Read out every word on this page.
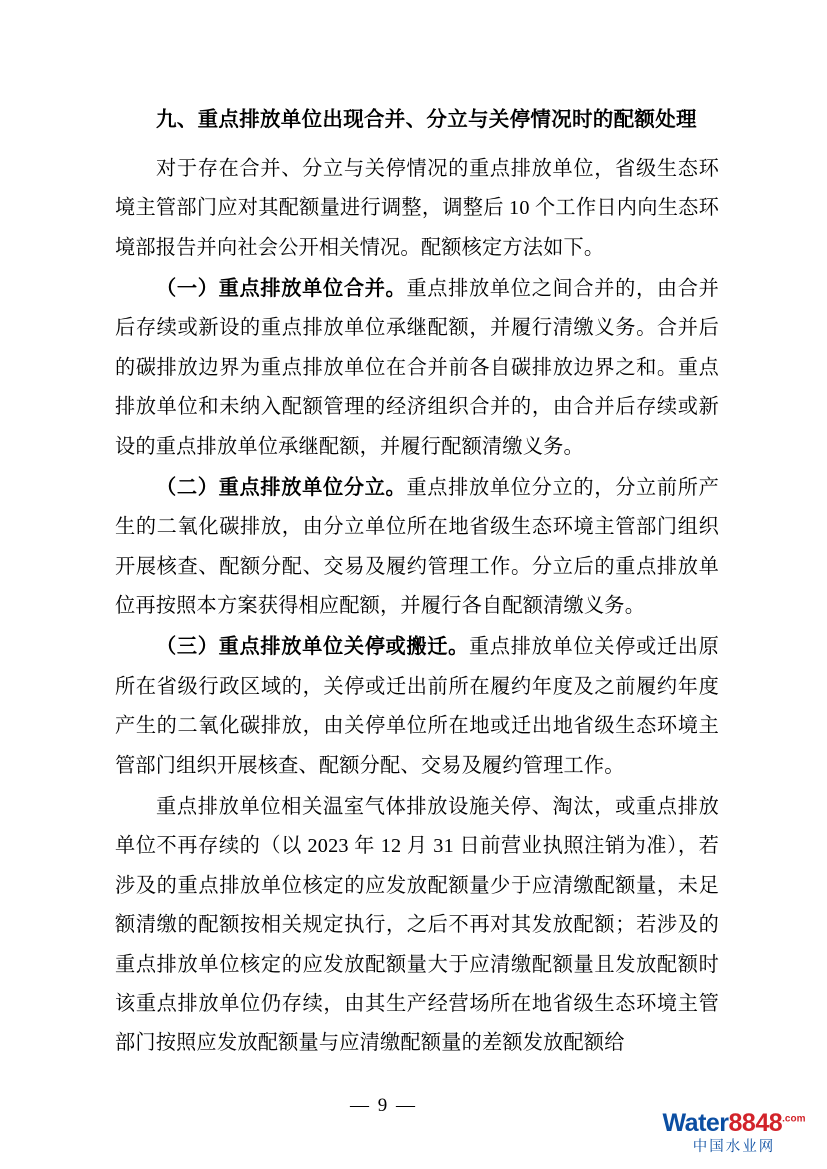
九、重点排放单位出现合并、分立与关停情况时的配额处理

对于存在合并、分立与关停情况的重点排放单位，省级生态环境主管部门应对其配额量进行调整，调整后 10 个工作日内向生态环境部报告并向社会公开相关情况。配额核定方法如下。

（一）重点排放单位合并。重点排放单位之间合并的，由合并后存续或新设的重点排放单位承继配额，并履行清缴义务。合并后的碳排放边界为重点排放单位在合并前各自碳排放边界之和。重点排放单位和未纳入配额管理的经济组织合并的，由合并后存续或新设的重点排放单位承继配额，并履行配额清缴义务。

（二）重点排放单位分立。重点排放单位分立的，分立前所产生的二氧化碳排放，由分立单位所在地省级生态环境主管部门组织开展核查、配额分配、交易及履约管理工作。分立后的重点排放单位再按照本方案获得相应配额，并履行各自配额清缴义务。

（三）重点排放单位关停或搬迁。重点排放单位关停或迁出原所在省级行政区域的，关停或迁出前所在履约年度及之前履约年度产生的二氧化碳排放，由关停单位所在地或迁出地省级生态环境主管部门组织开展核查、配额分配、交易及履约管理工作。

重点排放单位相关温室气体排放设施关停、淘汰，或重点排放单位不再存续的（以 2023 年 12 月 31 日前营业执照注销为准），若涉及的重点排放单位核定的应发放配额量少于应清缴配额量，未足额清缴的配额按相关规定执行，之后不再对其发放配额；若涉及的重点排放单位核定的应发放配额量大于应清缴配额量且发放配额时该重点排放单位仍存续，由其生产经营场所在地省级生态环境主管部门按照应发放配额量与应清缴配额量的差额发放配额给

— 9 —
$Water8848^{.com}$
中国水业网
